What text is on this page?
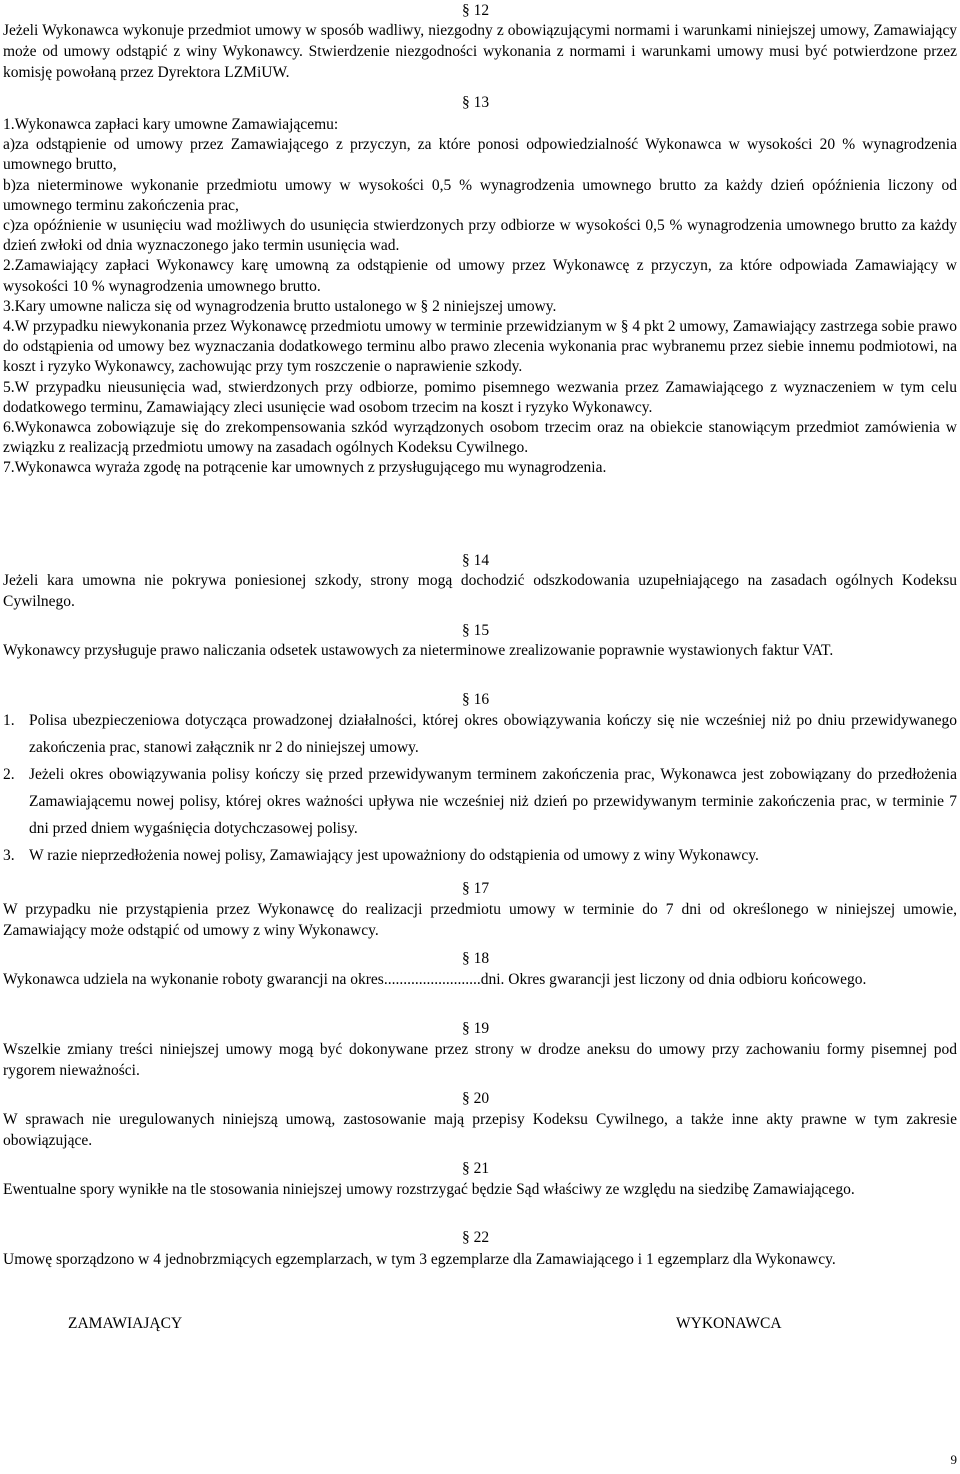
§ 12
Jeżeli Wykonawca wykonuje przedmiot umowy w sposób wadliwy, niezgodny z obowiązującymi normami i warunkami niniejszej umowy, Zamawiający może od umowy odstąpić z winy Wykonawcy. Stwierdzenie niezgodności wykonania z normami i warunkami umowy musi być potwierdzone przez komisję powołaną przez Dyrektora LZMiUW.
§ 13

1.Wykonawca zapłaci kary umowne Zamawiającemu:

a)za odstąpienie od umowy przez Zamawiającego z przyczyn, za które ponosi odpowiedzialność Wykonawca w wysokości 20 % wynagrodzenia umownego brutto,

b)za nieterminowe wykonanie przedmiotu umowy w wysokości 0,5 % wynagrodzenia umownego brutto za każdy dzień opóźnienia liczony od umownego terminu zakończenia prac,

c)za opóźnienie w usunięciu wad możliwych do usunięcia stwierdzonych przy odbiorze w wysokości 0,5 % wynagrodzenia umownego brutto za każdy dzień zwłoki od dnia wyznaczonego jako termin usunięcia wad.

2.Zamawiający zapłaci Wykonawcy karę umowną za odstąpienie od umowy przez Wykonawcę z przyczyn, za które odpowiada Zamawiający w wysokości 10 % wynagrodzenia umownego brutto.

3.Kary umowne nalicza się od wynagrodzenia brutto ustalonego w § 2 niniejszej umowy.

4.W przypadku niewykonania przez Wykonawcę przedmiotu umowy w terminie przewidzianym w § 4 pkt 2 umowy, Zamawiający zastrzega sobie prawo do odstąpienia od umowy bez wyznaczania dodatkowego terminu albo prawo zlecenia wykonania prac wybranemu przez siebie innemu podmiotowi, na koszt i ryzyko Wykonawcy, zachowując przy tym roszczenie o naprawienie szkody.

5.W przypadku nieusunięcia wad, stwierdzonych przy odbiorze, pomimo pisemnego wezwania przez Zamawiającego z wyznaczeniem w tym celu dodatkowego terminu, Zamawiający zleci usunięcie wad osobom trzecim na koszt i ryzyko Wykonawcy.

6.Wykonawca zobowiązuje się do zrekompensowania szkód wyrządzonych osobom trzecim oraz na obiekcie stanowiącym przedmiot zamówienia w związku z realizacją przedmiotu umowy na zasadach ogólnych Kodeksu Cywilnego.

7.Wykonawca wyraża zgodę na potrącenie kar umownych z przysługującego mu wynagrodzenia.

§ 14
Jeżeli kara umowna nie pokrywa poniesionej szkody, strony mogą dochodzić odszkodowania uzupełniającego na zasadach ogólnych Kodeksu Cywilnego.
§ 15
Wykonawcy przysługuje prawo naliczania odsetek ustawowych za nieterminowe zrealizowanie poprawnie wystawionych faktur VAT.
§ 16
1. Polisa ubezpieczeniowa dotycząca prowadzonej działalności, której okres obowiązywania kończy się nie wcześniej niż po dniu przewidywanego zakończenia prac, stanowi załącznik nr 2 do niniejszej umowy.
2. Jeżeli okres obowiązywania polisy kończy się przed przewidywanym terminem zakończenia prac, Wykonawca jest zobowiązany do przedłożenia Zamawiającemu nowej polisy, której okres ważności upływa nie wcześniej niż dzień po przewidywanym terminie zakończenia prac, w terminie 7 dni przed dniem wygaśnięcia dotychczasowej polisy.
3. W razie nieprzedłożenia nowej polisy, Zamawiający jest upoważniony do odstąpienia od umowy z winy Wykonawcy.
§ 17
W przypadku nie przystąpienia przez Wykonawcę do realizacji przedmiotu umowy w terminie do 7 dni od określonego w niniejszej umowie, Zamawiający może odstąpić od umowy z winy Wykonawcy.
§ 18
Wykonawca udziela na wykonanie roboty gwarancji na okres.........................dni. Okres gwarancji jest liczony od dnia odbioru końcowego.
§ 19
Wszelkie zmiany treści niniejszej umowy mogą być dokonywane przez strony w drodze aneksu do umowy przy zachowaniu formy pisemnej pod rygorem nieważności.
§ 20
W sprawach nie uregulowanych niniejszą umową, zastosowanie mają przepisy Kodeksu Cywilnego, a także inne akty prawne w tym zakresie obowiązujące.
§ 21
Ewentualne spory wynikłe na tle stosowania niniejszej umowy rozstrzygać będzie Sąd właściwy ze względu na siedzibę Zamawiającego.
§ 22
Umowę sporządzono w 4 jednobrzmiących egzemplarzach, w tym 3 egzemplarze dla Zamawiającego i 1 egzemplarz dla Wykonawcy.
ZAMAWIAJĄCY	WYKONAWCA
9
